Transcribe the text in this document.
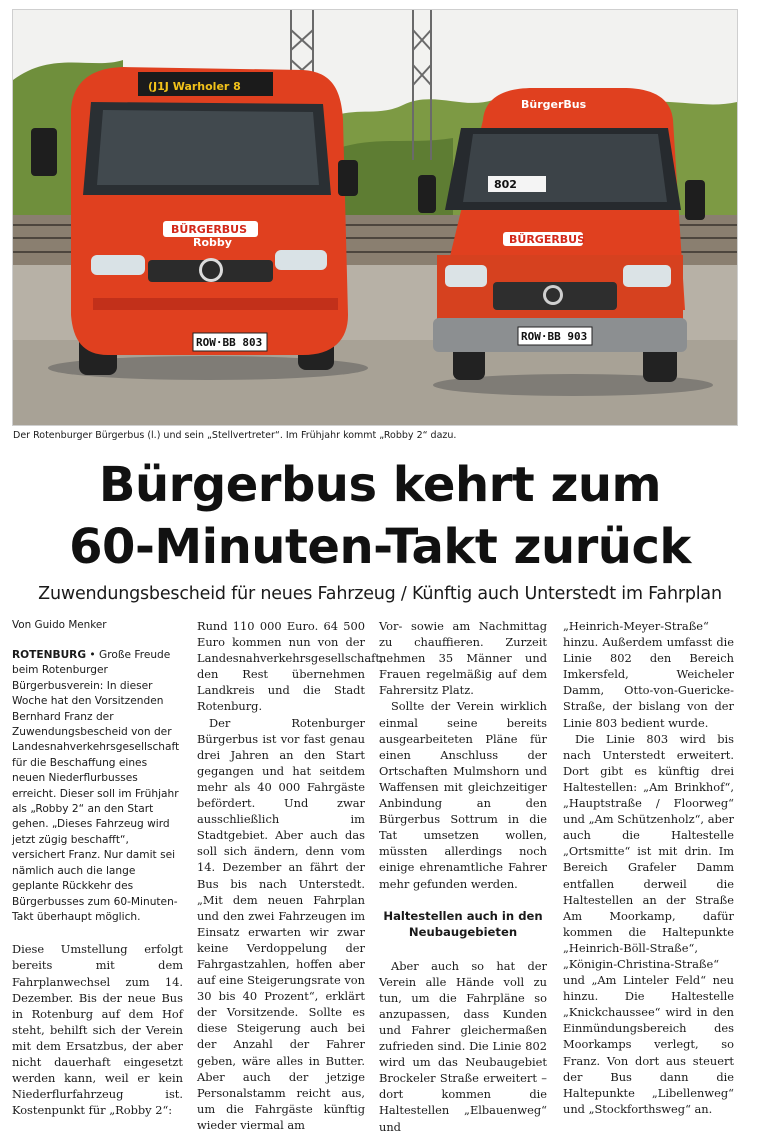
(J1J Warholer 8
BÜRGERBUS
Robby
ROW·BB 803
BürgerBus
802
BÜRGERBUS
ROW·BB 903
Der Rotenburger Bürgerbus (l.) und sein „Stellvertreter“. Im Frühjahr kommt „Robby 2“ dazu.
Bürgerbus kehrt zum
60-Minuten-Takt zurück
Zuwendungsbescheid für neues Fahrzeug / Künftig auch Unterstedt im Fahrplan

Von Guido Menker

ROTENBURG • Große Freude beim Rotenburger Bürgerbusverein: In dieser Woche hat den Vorsitzenden Bernhard Franz der Zuwendungsbescheid von der Landesnahverkehrsgesellschaft für die Beschaffung eines neuen Niederflurbusses erreicht. Dieser soll im Frühjahr als „Robby 2“ an den Start gehen. „Dieses Fahrzeug wird jetzt zügig beschafft“, versichert Franz. Nur damit sei nämlich auch die lange geplante Rückkehr des Bürgerbusses zum 60-Minuten-Takt überhaupt möglich.

Diese Umstellung erfolgt bereits mit dem Fahrplanwechsel zum 14. Dezember. Bis der neue Bus in Rotenburg auf dem Hof steht, behilft sich der Verein mit dem Ersatzbus, der aber nicht dauerhaft eingesetzt werden kann, weil er kein Niederflurfahrzeug ist. Kostenpunkt für „Robby 2“:

Rund 110 000 Euro. 64 500 Euro kommen nun von der Landesnahverkehrsgesellschaft, den Rest übernehmen Landkreis und die Stadt Rotenburg.

Der Rotenburger Bürgerbus ist vor fast genau drei Jahren an den Start gegangen und hat seitdem mehr als 40 000 Fahrgäste befördert. Und zwar ausschließlich im Stadtgebiet. Aber auch das soll sich ändern, denn vom 14. Dezember an fährt der Bus bis nach Unterstedt. „Mit dem neuen Fahrplan und den zwei Fahrzeugen im Einsatz erwarten wir zwar keine Verdoppelung der Fahrgastzahlen, hoffen aber auf eine Steigerungsrate von 30 bis 40 Prozent“, erklärt der Vorsitzende. Sollte es diese Steigerung auch bei der Anzahl der Fahrer geben, wäre alles in Butter. Aber auch der jetzige Personalstamm reicht aus, um die Fahrgäste künftig wieder viermal am

Vor- sowie am Nachmittag zu chauffieren. Zurzeit nehmen 35 Männer und Frauen regelmäßig auf dem Fahrersitz Platz.

Sollte der Verein wirklich einmal seine bereits ausgearbeiteten Pläne für einen Anschluss der Ortschaften Mulmshorn und Waffensen mit gleichzeitiger Anbindung an den Bürgerbus Sottrum in die Tat umsetzen wollen, müssten allerdings noch einige ehrenamtliche Fahrer mehr gefunden werden.

Haltestellen auch in den Neubaugebieten

Aber auch so hat der Verein alle Hände voll zu tun, um die Fahrpläne so anzupassen, dass Kunden und Fahrer gleichermaßen zufrieden sind. Die Linie 802 wird um das Neubaugebiet Brockeler Straße erweitert – dort kommen die Haltestellen „Elbauenweg“ und

„Heinrich-Meyer-Straße“ hinzu. Außerdem umfasst die Linie 802 den Bereich Imkersfeld, Weicheler Damm, Otto-von-Guericke-Straße, der bislang von der Linie 803 bedient wurde.

Die Linie 803 wird bis nach Unterstedt erweitert. Dort gibt es künftig drei Haltestellen: „Am Brinkhof“, „Hauptstraße / Floorweg“ und „Am Schützenholz“, aber auch die Haltestelle „Ortsmitte“ ist mit drin. Im Bereich Grafeler Damm entfallen derweil die Haltestellen an der Straße Am Moorkamp, dafür kommen die Haltepunkte „Heinrich-Böll-Straße“, „Königin-Christina-Straße“ und „Am Linteler Feld“ neu hinzu. Die Haltestelle „Knickchaussee“ wird in den Einmündungsbereich des Moorkamps verlegt, so Franz. Von dort aus steuert der Bus dann die Haltepunkte „Libellenweg“ und „Stockforthsweg“ an.
